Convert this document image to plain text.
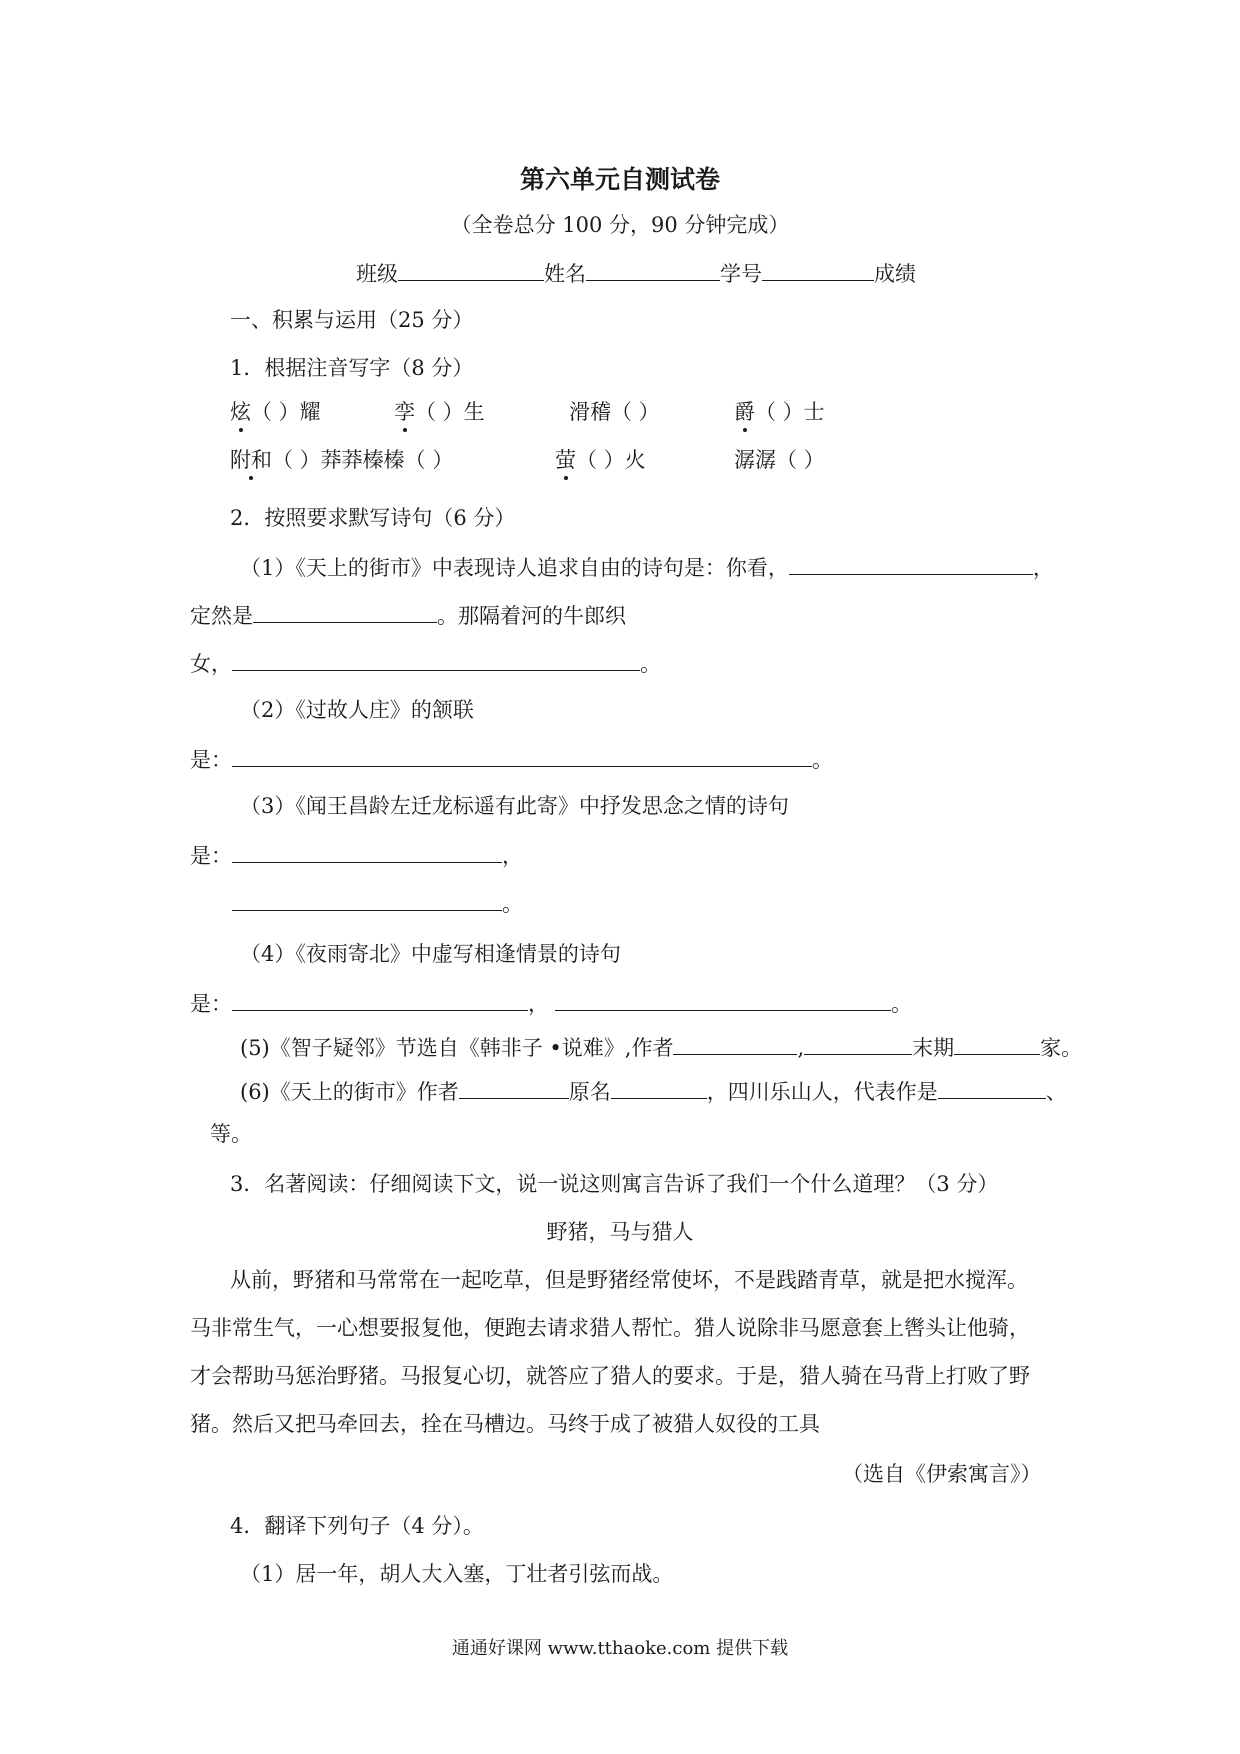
第六单元自测试卷
（全卷总分 100 分，90 分钟完成）
班级	姓名	学号	成绩
一、积累与运用（25 分）
1．根据注音写字（8 分）
炫（ ）耀	孪（ ）生	滑稽（ ）	爵（ ）士
附和（ ）莽莽榛榛（ ）	萤（ ）火	潺潺（ ）
2．按照要求默写诗句（6 分）
（1）《天上的街市》中表现诗人追求自由的诗句是：你看，	，
定然是	。那隔着河的牛郎织
女，	。
（2）《过故人庄》的颔联
是：	。
（3）《闻王昌龄左迁龙标遥有此寄》中抒发思念之情的诗句
是：	，
。
（4）《夜雨寄北》中虚写相逢情景的诗句
是：	，	。
(5)《智子疑邻》节选自《韩非子 •说难》,作者	,	末期	家。
(6)《天上的街市》作者	原名	，四川乐山人，代表作是	、
等。
3．名著阅读：仔细阅读下文，说一说这则寓言告诉了我们一个什么道理？（3 分）
野猪，马与猎人
从前，野猪和马常常在一起吃草，但是野猪经常使坏，不是践踏青草，就是把水搅浑。
马非常生气，一心想要报复他，便跑去请求猎人帮忙。猎人说除非马愿意套上辔头让他骑，
才会帮助马惩治野猪。马报复心切，就答应了猎人的要求。于是，猎人骑在马背上打败了野
猪。然后又把马牵回去，拴在马槽边。马终于成了被猎人奴役的工具
（选自《伊索寓言》）
4．翻译下列句子（4 分）。
（1）居一年，胡人大入塞，丁壮者引弦而战。
通通好课网 www.tthaoke.com 提供下载
